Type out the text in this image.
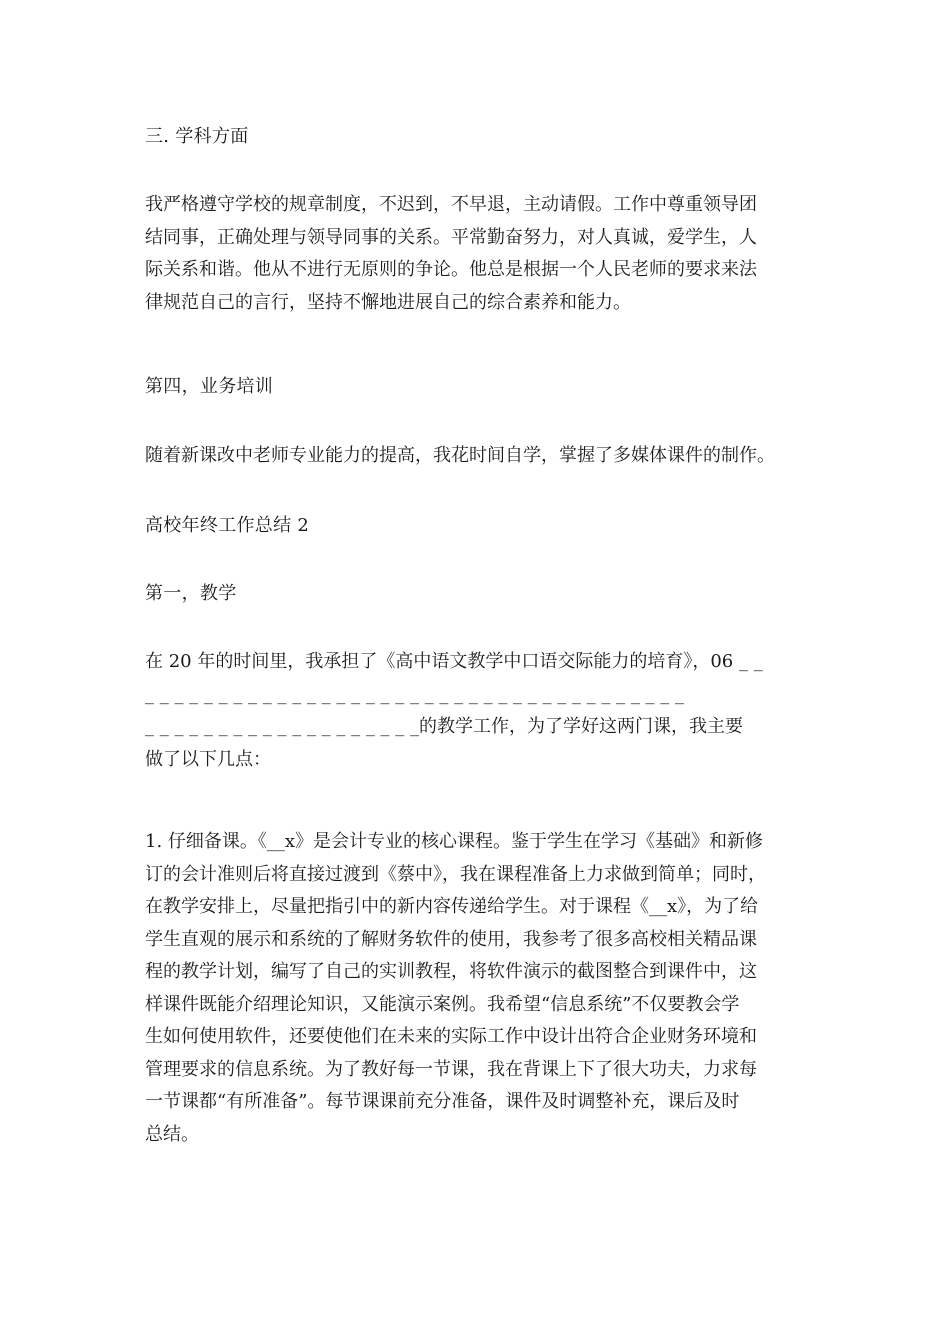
三. 学科方面
我严格遵守学校的规章制度，不迟到，不早退，主动请假。工作中尊重领导团
结同事，正确处理与领导同事的关系。平常勤奋努力，对人真诚，爱学生，人
际关系和谐。他从不进行无原则的争论。他总是根据一个人民老师的要求来法
律规范自己的言行，坚持不懈地进展自己的综合素养和能力。
第四，业务培训
随着新课改中老师专业能力的提高，我花时间自学，掌握了多媒体课件的制作。
高校年终工作总结 2
第一，教学
在 20 年的时间里，我承担了《高中语文教学中口语交际能力的培育》，06 _ _
_ _ _ _ _ _ _ _ _ _ _ _ _ _ _ _ _ _ _ _ _ _ _ _ _ _ _ _ _ _ _ _ _ _ _ _ _
_ _ _ _ _ _ _ _ _ _ _ _ _ _ _ _ _ _ _的教学工作，为了学好这两门课，我主要
做了以下几点：
1. 仔细备课。《__x》是会计专业的核心课程。鉴于学生在学习《基础》和新修
订的会计准则后将直接过渡到《蔡中》，我在课程准备上力求做到简单；同时，
在教学安排上，尽量把指引中的新内容传递给学生。对于课程《__x》，为了给
学生直观的展示和系统的了解财务软件的使用，我参考了很多高校相关精品课
程的教学计划，编写了自己的实训教程，将软件演示的截图整合到课件中，这
样课件既能介绍理论知识，又能演示案例。我希望“信息系统”不仅要教会学
生如何使用软件，还要使他们在未来的实际工作中设计出符合企业财务环境和
管理要求的信息系统。为了教好每一节课，我在背课上下了很大功夫，力求每
一节课都“有所准备”。每节课课前充分准备，课件及时调整补充，课后及时
总结。
